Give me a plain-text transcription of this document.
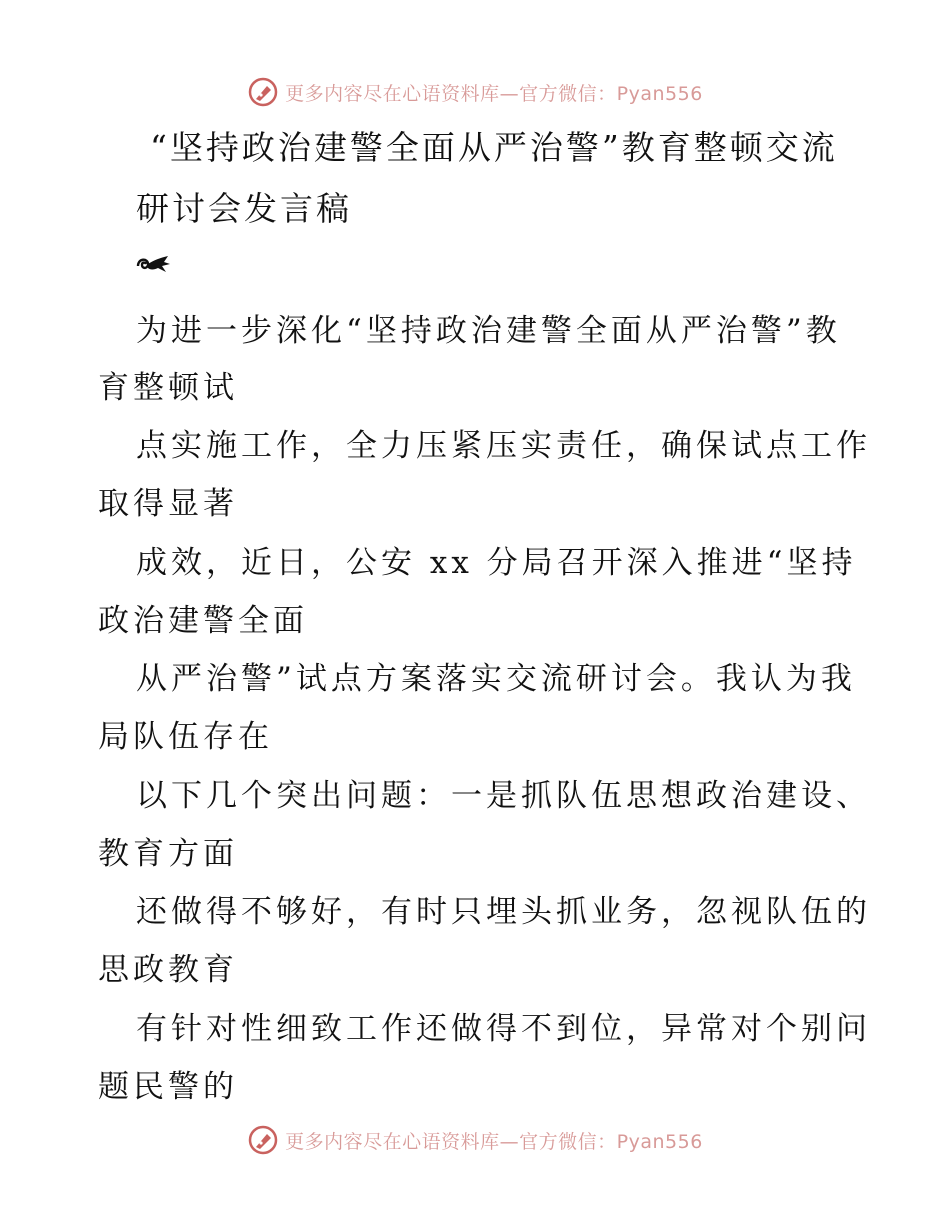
更多内容尽在心语资料库—官方微信：Pyan556
“坚持政治建警全面从严治警”教育整顿交流
研讨会发言稿
为进一步深化“坚持政治建警全面从严治警”教
育整顿试
点实施工作，全力压紧压实责任，确保试点工作
取得显著
成效，近日，公安 xx 分局召开深入推进“坚持
政治建警全面
从严治警”试点方案落实交流研讨会。我认为我
局队伍存在
以下几个突出问题：一是抓队伍思想政治建设、
教育方面
还做得不够好，有时只埋头抓业务，忽视队伍的
思政教育
有针对性细致工作还做得不到位，异常对个别问
题民警的
更多内容尽在心语资料库—官方微信：Pyan556
